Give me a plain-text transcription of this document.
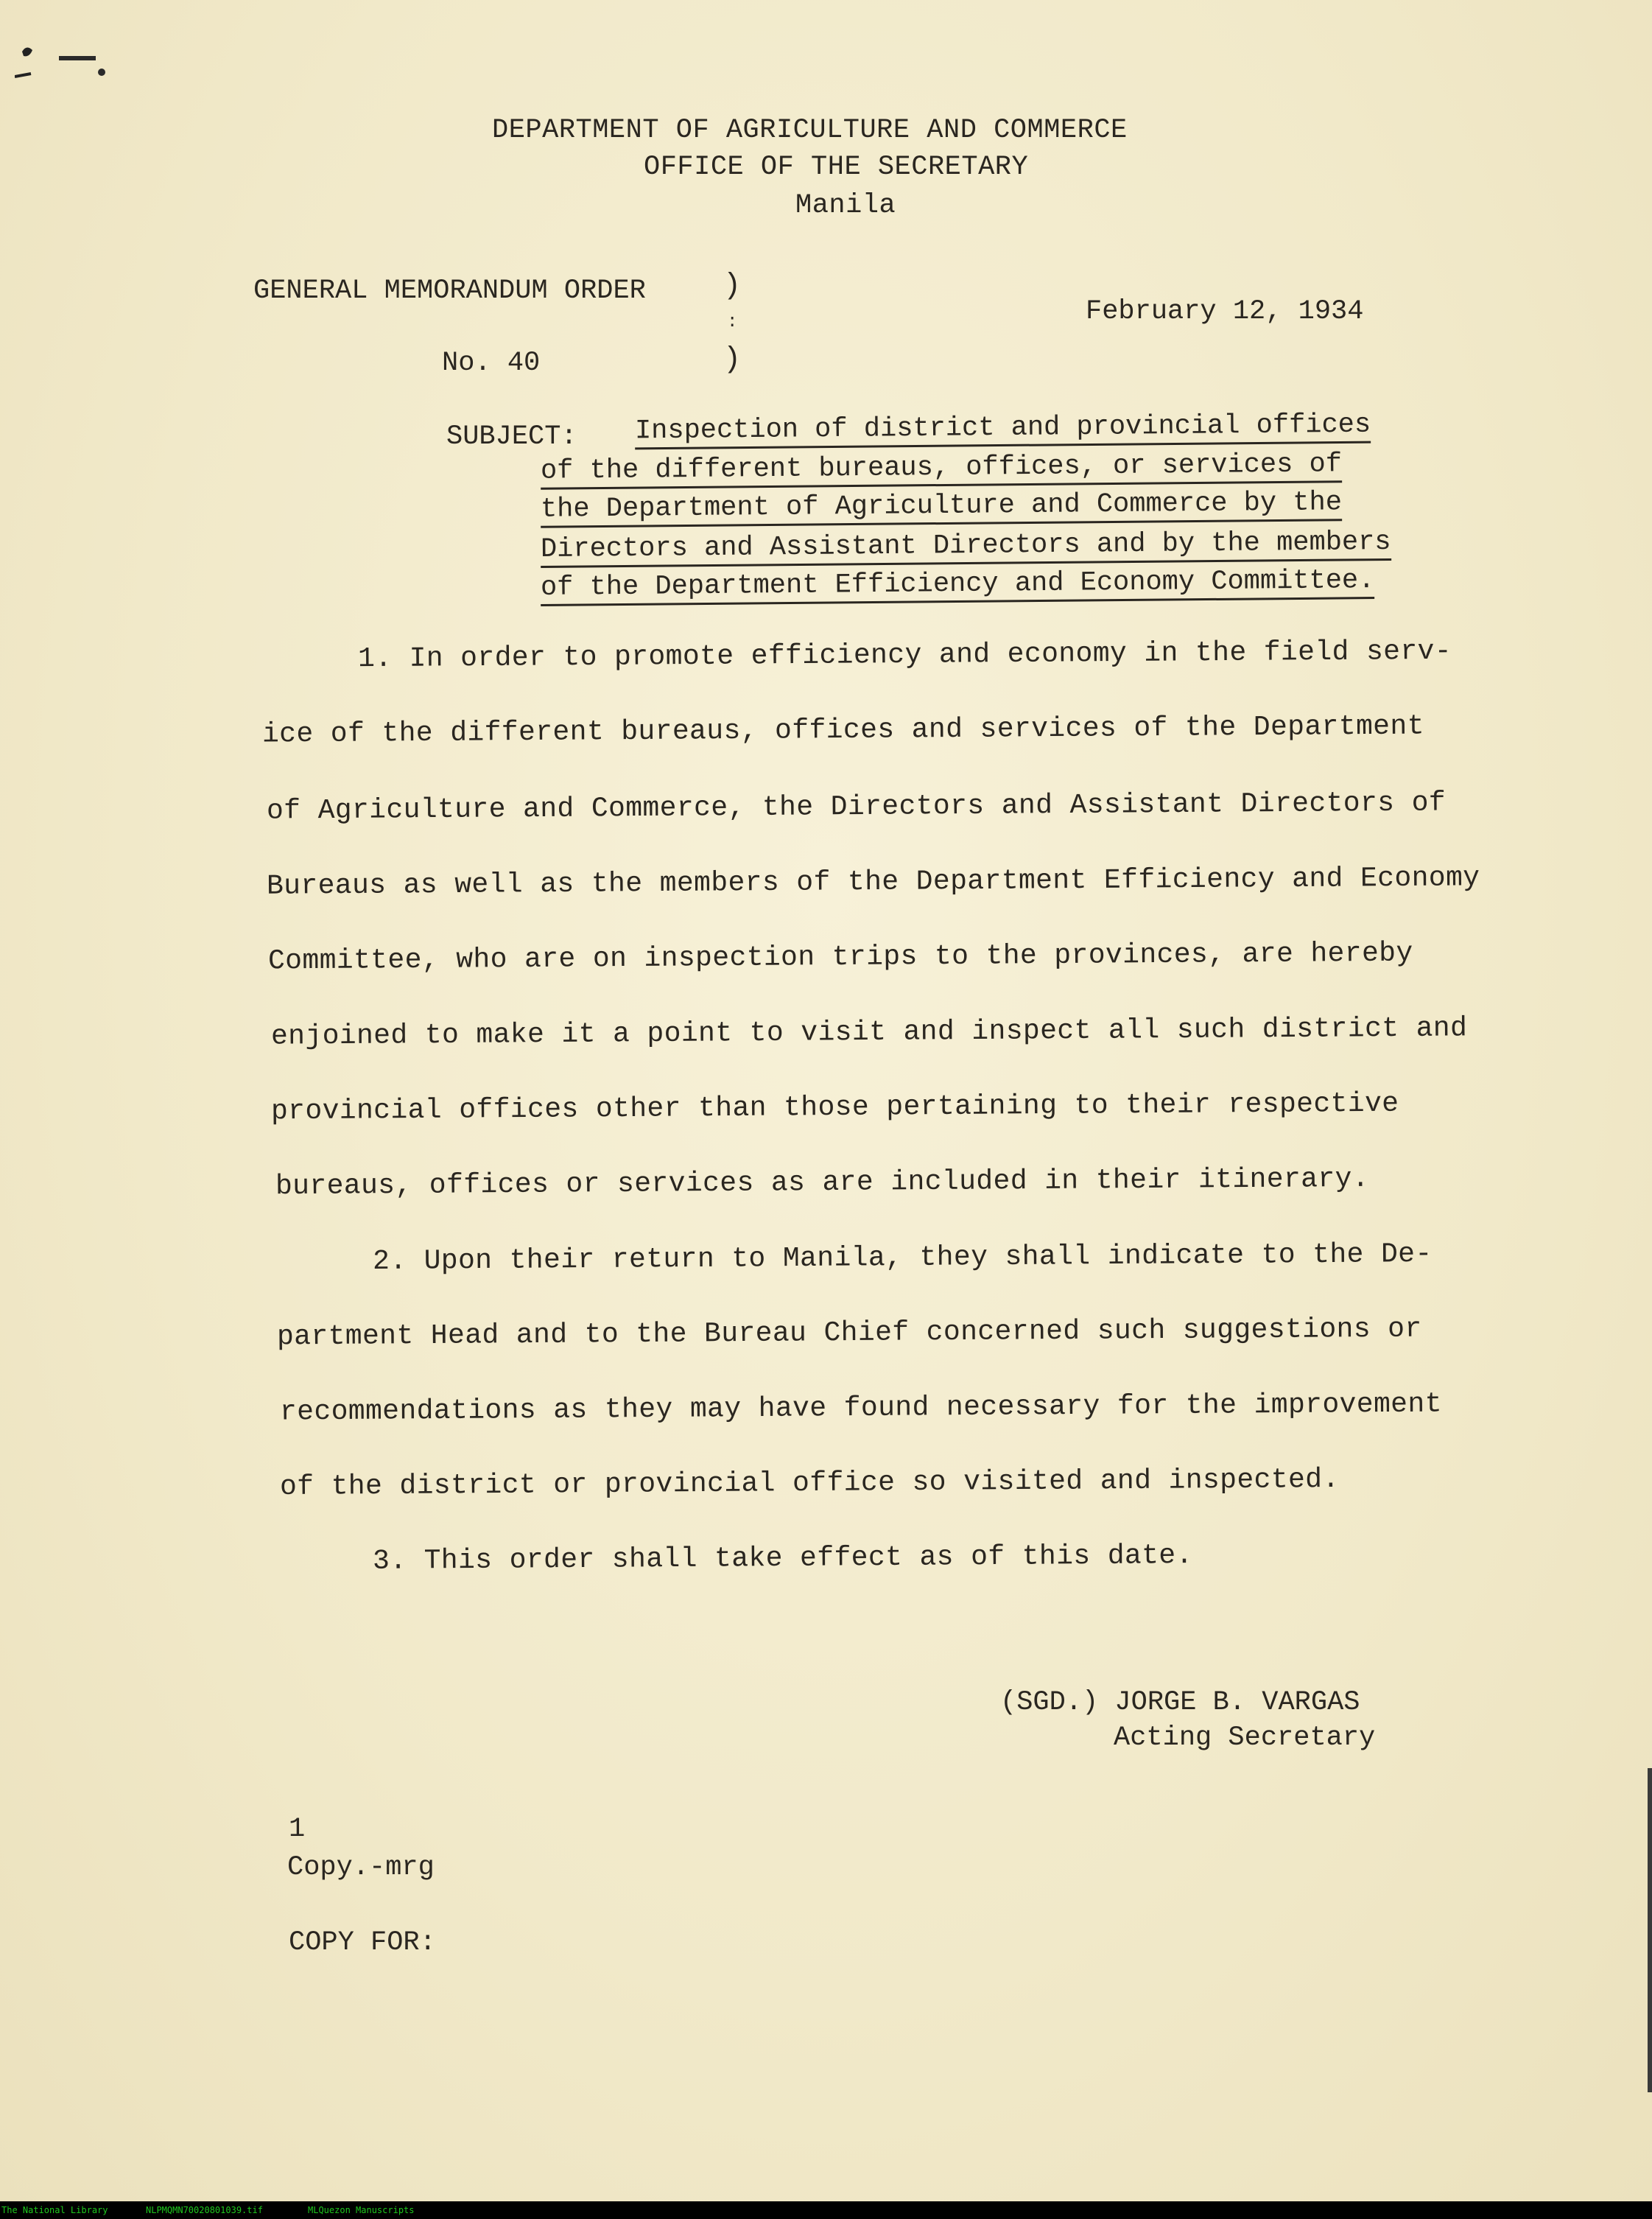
DEPARTMENT OF AGRICULTURE AND COMMERCE
OFFICE OF THE SECRETARY
Manila
GENERAL MEMORANDUM ORDER	)
:
)
No. 40
February 12, 1934
SUBJECT: Inspection of district and provincial offices
of the different bureaus, offices, or services of
the Department of Agriculture and Commerce by the
Directors and Assistant Directors and by the members
of the Department Efficiency and Economy Committee.
1. In order to promote efficiency and economy in the field serv-
ice of the different bureaus, offices and services of the Department
of Agriculture and Commerce, the Directors and Assistant Directors of
Bureaus as well as the members of the Department Efficiency and Economy
Committee, who are on inspection trips to the provinces, are hereby
enjoined to make it a point to visit and inspect all such district and
provincial offices other than those pertaining to their respective
bureaus, offices or services as are included in their itinerary.
2. Upon their return to Manila, they shall indicate to the De-
partment Head and to the Bureau Chief concerned such suggestions or
recommendations as they may have found necessary for the improvement
of the district or provincial office so visited and inspected.
3. This order shall take effect as of this date.
(SGD.) JORGE B. VARGAS
Acting Secretary
1
Copy.-mrg
COPY FOR:
The National Library	NLPMQMN70020801039.tif	MLQuezon Manuscripts
